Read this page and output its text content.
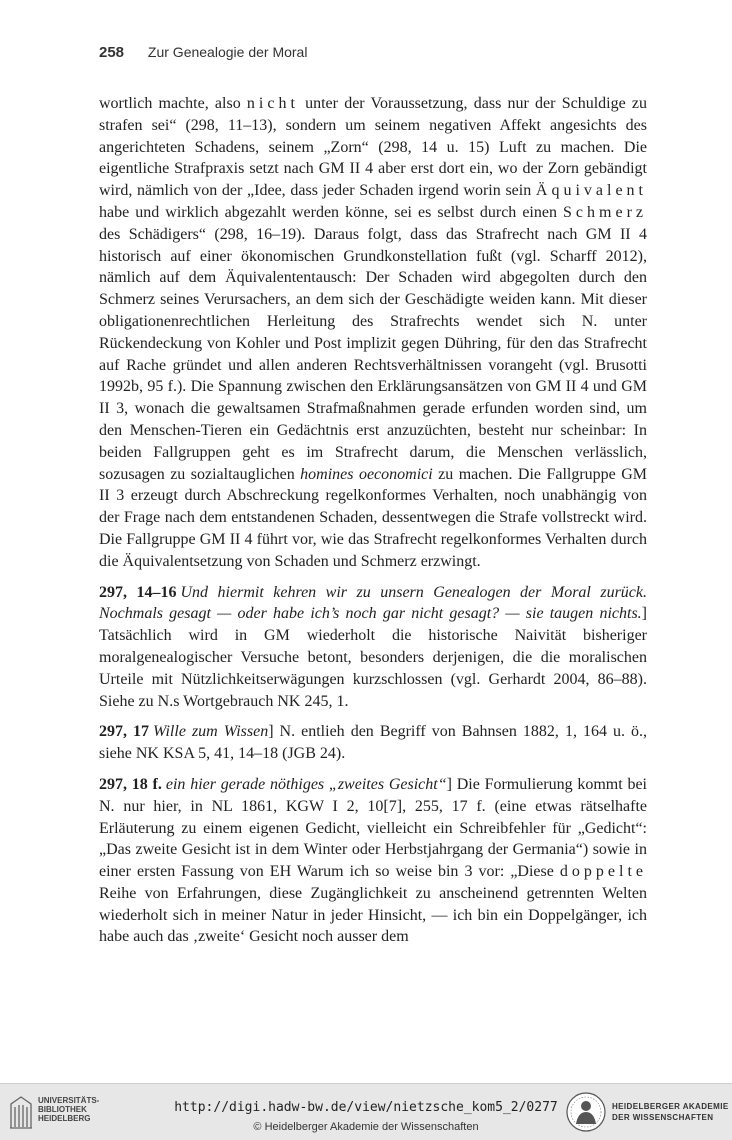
258 Zur Genealogie der Moral

wortlich machte, also nicht unter der Voraussetzung, dass nur der Schuldige zu strafen sei“ (298, 11–13), sondern um seinem negativen Affekt angesichts des angerichteten Schadens, seinem „Zorn“ (298, 14 u. 15) Luft zu machen. Die eigentliche Strafpraxis setzt nach GM II 4 aber erst dort ein, wo der Zorn gebändigt wird, nämlich von der „Idee, dass jeder Schaden irgend worin sein Äquivalent habe und wirklich abgezahlt werden könne, sei es selbst durch einen Schmerz des Schädigers“ (298, 16–19). Daraus folgt, dass das Strafrecht nach GM II 4 historisch auf einer ökonomischen Grundkonstellation fußt (vgl. Scharff 2012), nämlich auf dem Äquivalententausch: Der Schaden wird abgegolten durch den Schmerz seines Verursachers, an dem sich der Geschädigte weiden kann. Mit dieser obligationenrechtlichen Herleitung des Strafrechts wendet sich N. unter Rückendeckung von Kohler und Post implizit gegen Dühring, für den das Strafrecht auf Rache gründet und allen anderen Rechtsverhältnissen vorangeht (vgl. Brusotti 1992b, 95 f.). Die Spannung zwischen den Erklärungsansätzen von GM II 4 und GM II 3, wonach die gewaltsamen Strafmaßnahmen gerade erfunden worden sind, um den Menschen-Tieren ein Gedächtnis erst anzuzüchten, besteht nur scheinbar: In beiden Fallgruppen geht es im Strafrecht darum, die Menschen verlässlich, sozusagen zu sozialtauglichen homines oeconomici zu machen. Die Fallgruppe GM II 3 erzeugt durch Abschreckung regelkonformes Verhalten, noch unabhängig von der Frage nach dem entstandenen Schaden, dessentwegen die Strafe vollstreckt wird. Die Fallgruppe GM II 4 führt vor, wie das Strafrecht regelkonformes Verhalten durch die Äquivalentsetzung von Schaden und Schmerz erzwingt.

297, 14–16 Und hiermit kehren wir zu unsern Genealogen der Moral zurück. Nochmals gesagt — oder habe ich’s noch gar nicht gesagt? — sie taugen nichts.] Tatsächlich wird in GM wiederholt die historische Naivität bisheriger moralgenealogischer Versuche betont, besonders derjenigen, die die moralischen Urteile mit Nützlichkeitserwägungen kurzschlossen (vgl. Gerhardt 2004, 86–88). Siehe zu N.s Wortgebrauch NK 245, 1.

297, 17 Wille zum Wissen] N. entlieh den Begriff von Bahnsen 1882, 1, 164 u. ö., siehe NK KSA 5, 41, 14–18 (JGB 24).

297, 18 f. ein hier gerade nöthiges „zweites Gesicht“] Die Formulierung kommt bei N. nur hier, in NL 1861, KGW I 2, 10[7], 255, 17 f. (eine etwas rätselhafte Erläuterung zu einem eigenen Gedicht, vielleicht ein Schreibfehler für „Gedicht“: „Das zweite Gesicht ist in dem Winter oder Herbstjahrgang der Germania“) sowie in einer ersten Fassung von EH Warum ich so weise bin 3 vor: „Diese doppelte Reihe von Erfahrungen, diese Zugänglichkeit zu anscheinend getrennten Welten wiederholt sich in meiner Natur in jeder Hinsicht, — ich bin ein Doppelgänger, ich habe auch das ‚zweite‘ Gesicht noch ausser dem

UNIVERSITÄTS-
BIBLIOTHEK
HEIDELBERG
http://digi.hadw-bw.de/view/nietzsche_kom5_2/0277
© Heidelberger Akademie der Wissenschaften
HEIDELBERGER AKADEMIE
DER WISSENSCHAFTEN
